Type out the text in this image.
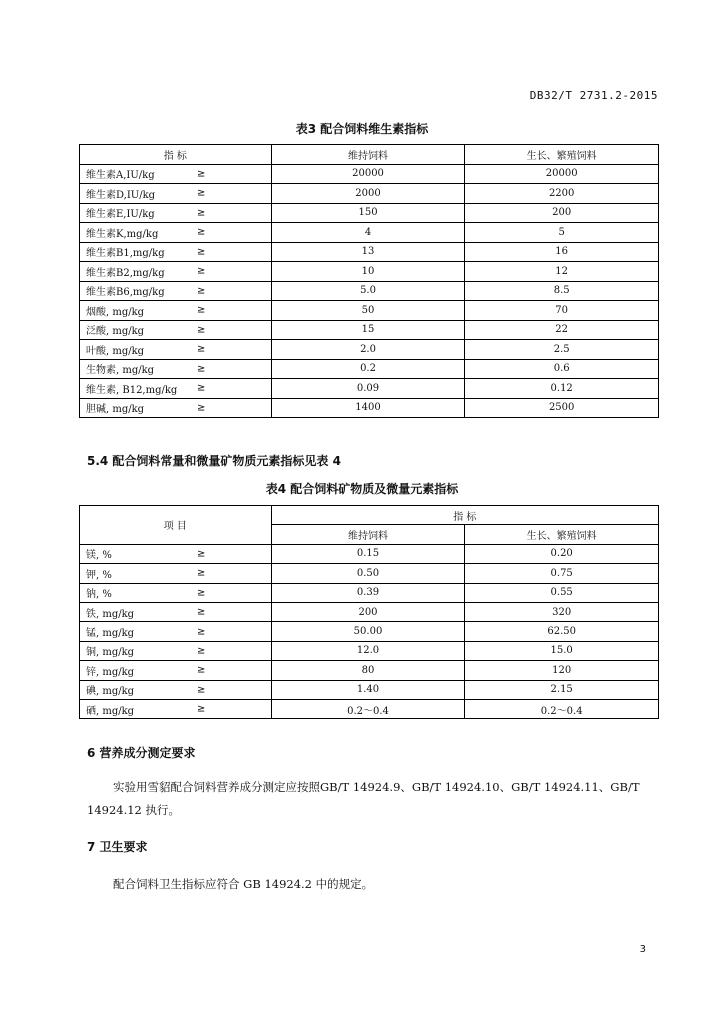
DB32/T 2731.2-2015
表3 配合饲料维生素指标
指 标	维持饲料	生长、繁殖饲料
维生素A,IU/kg ≥	20000	20000
维生素D,IU/kg ≥	2000	2200
维生素E,IU/kg ≥	150	200
维生素K,mg/kg ≥	4	5
维生素B1,mg/kg ≥	13	16
维生素B2,mg/kg ≥	10	12
维生素B6,mg/kg ≥	5.0	8.5
烟酸, mg/kg ≥	50	70
泛酸, mg/kg ≥	15	22
叶酸, mg/kg ≥	2.0	2.5
生物素, mg/kg ≥	0.2	0.6
维生素, B12,mg/kg ≥	0.09	0.12
胆碱, mg/kg ≥	1400	2500
5.4 配合饲料常量和微量矿物质元素指标见表 4
表4 配合饲料矿物质及微量元素指标
项 目	指 标	
	维持饲料	生长、繁殖饲料
镁, % ≥	0.15	0.20
钾, % ≥	0.50	0.75
钠, % ≥	0.39	0.55
铁, mg/kg ≥	200	320
锰, mg/kg ≥	50.00	62.50
铜, mg/kg ≥	12.0	15.0
锌, mg/kg ≥	80	120
碘, mg/kg ≥	1.40	2.15
硒, mg/kg ≥	0.2～0.4	0.2～0.4
6 营养成分测定要求
实验用雪貂配合饲料营养成分测定应按照GB/T 14924.9、GB/T 14924.10、GB/T 14924.11、GB/T
14924.12 执行。
7 卫生要求
配合饲料卫生指标应符合 GB 14924.2 中的规定。
3
